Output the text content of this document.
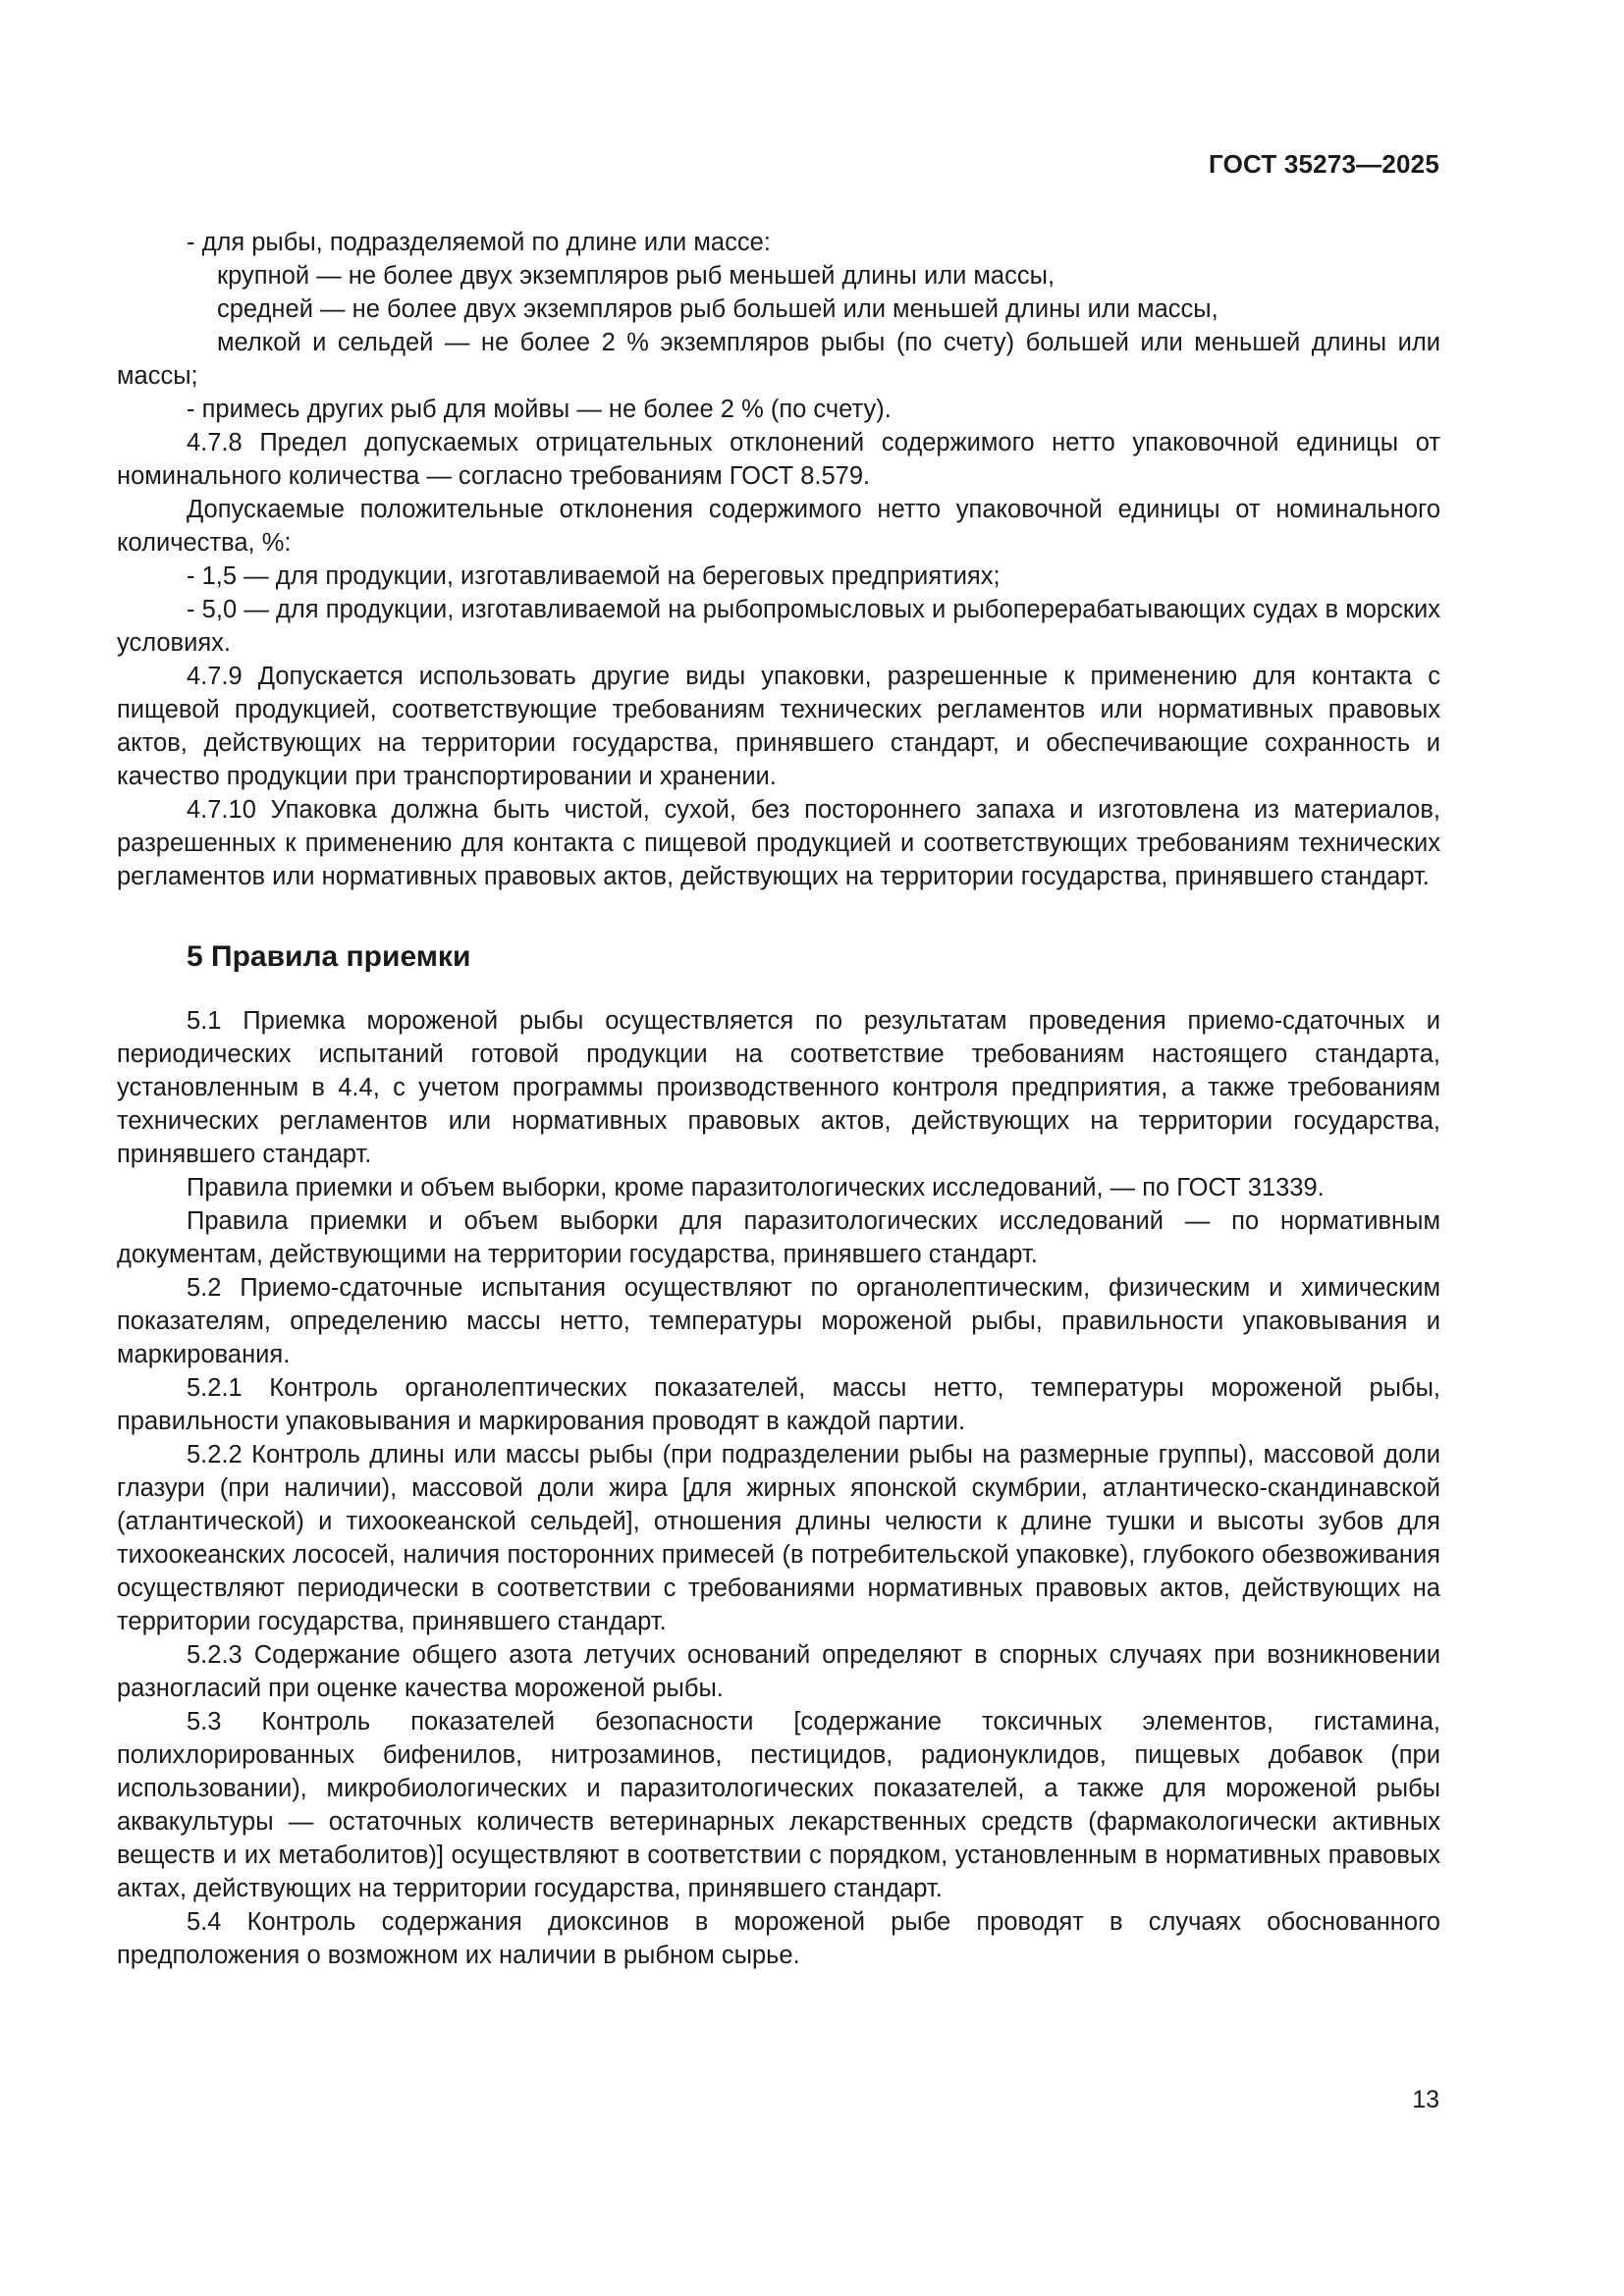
ГОСТ 35273—2025

- для рыбы, подразделяемой по длине или массе:

крупной — не более двух экземпляров рыб меньшей длины или массы,

средней — не более двух экземпляров рыб большей или меньшей длины или массы,

мелкой и сельдей — не более 2 % экземпляров рыбы (по счету) большей или меньшей длины или массы;

- примесь других рыб для мойвы — не более 2 % (по счету).

4.7.8 Предел допускаемых отрицательных отклонений содержимого нетто упаковочной единицы от номинального количества — согласно требованиям ГОСТ 8.579.

Допускаемые положительные отклонения содержимого нетто упаковочной единицы от номинального количества, %:

- 1,5 — для продукции, изготавливаемой на береговых предприятиях;

- 5,0 — для продукции, изготавливаемой на рыбопромысловых и рыбоперерабатывающих судах в морских условиях.

4.7.9 Допускается использовать другие виды упаковки, разрешенные к применению для контакта с пищевой продукцией, соответствующие требованиям технических регламентов или нормативных правовых актов, действующих на территории государства, принявшего стандарт, и обеспечивающие сохранность и качество продукции при транспортировании и хранении.

4.7.10 Упаковка должна быть чистой, сухой, без постороннего запаха и изготовлена из материалов, разрешенных к применению для контакта с пищевой продукцией и соответствующих требованиям технических регламентов или нормативных правовых актов, действующих на территории государства, принявшего стандарт.

5 Правила приемки

5.1 Приемка мороженой рыбы осуществляется по результатам проведения приемо-сдаточных и периодических испытаний готовой продукции на соответствие требованиям настоящего стандарта, установленным в 4.4, с учетом программы производственного контроля предприятия, а также требованиям технических регламентов или нормативных правовых актов, действующих на территории государства, принявшего стандарт.

Правила приемки и объем выборки, кроме паразитологических исследований, — по ГОСТ 31339.

Правила приемки и объем выборки для паразитологических исследований — по нормативным документам, действующими на территории государства, принявшего стандарт.

5.2 Приемо-сдаточные испытания осуществляют по органолептическим, физическим и химическим показателям, определению массы нетто, температуры мороженой рыбы, правильности упаковывания и маркирования.

5.2.1 Контроль органолептических показателей, массы нетто, температуры мороженой рыбы, правильности упаковывания и маркирования проводят в каждой партии.

5.2.2 Контроль длины или массы рыбы (при подразделении рыбы на размерные группы), массовой доли глазури (при наличии), массовой доли жира [для жирных японской скумбрии, атлантическо-скандинавской (атлантической) и тихоокеанской сельдей], отношения длины челюсти к длине тушки и высоты зубов для тихоокеанских лососей, наличия посторонних примесей (в потребительской упаковке), глубокого обезвоживания осуществляют периодически в соответствии с требованиями нормативных правовых актов, действующих на территории государства, принявшего стандарт.

5.2.3 Содержание общего азота летучих оснований определяют в спорных случаях при возникновении разногласий при оценке качества мороженой рыбы.

5.3 Контроль показателей безопасности [содержание токсичных элементов, гистамина, полихлорированных бифенилов, нитрозаминов, пестицидов, радионуклидов, пищевых добавок (при использовании), микробиологических и паразитологических показателей, а также для мороженой рыбы аквакультуры — остаточных количеств ветеринарных лекарственных средств (фармакологически активных веществ и их метаболитов)] осуществляют в соответствии с порядком, установленным в нормативных правовых актах, действующих на территории государства, принявшего стандарт.

5.4 Контроль содержания диоксинов в мороженой рыбе проводят в случаях обоснованного предположения о возможном их наличии в рыбном сырье.

13
